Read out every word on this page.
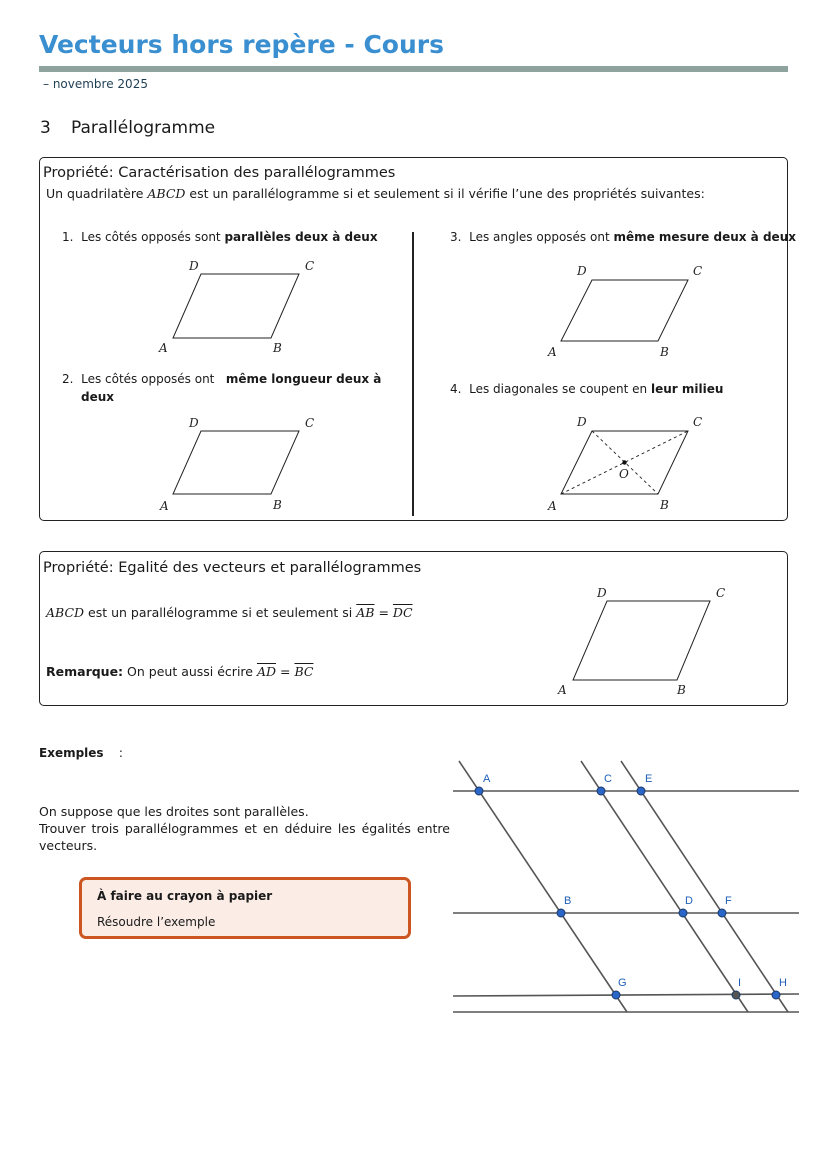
Vecteurs hors repère - Cours
– novembre 2025
3 Parallélogramme
Propriété: Caractérisation des parallélogrammes
Un quadrilatère ABCD est un parallélogramme si et seulement si il vérifie l’une des propriétés suivantes:
1. Les côtés opposés sont parallèles deux à deux
2. Les côtés opposés ont   même longueur deux à
deux
3. Les angles opposés ont même mesure deux à deux
4. Les diagonales se coupent en leur milieu
A	B
C
D
A	B
C
D
A	B
C
D
O
A	B
C
D
A	B
C
D
Propriété: Egalité des vecteurs et parallélogrammes
ABCD est un parallélogramme si et seulement si $\overline{AB} = \overline{DC}$
Remarque: On peut aussi écrire $\overline{AD} = \overline{BC}$
Exemples :
On suppose que les droites sont parallèles.
Trouver trois parallélogrammes et en déduire les égalités entre
vecteurs.
À faire au crayon à papier
Résoudre l’exemple
A	C	E
B	D	F
G	I	H
